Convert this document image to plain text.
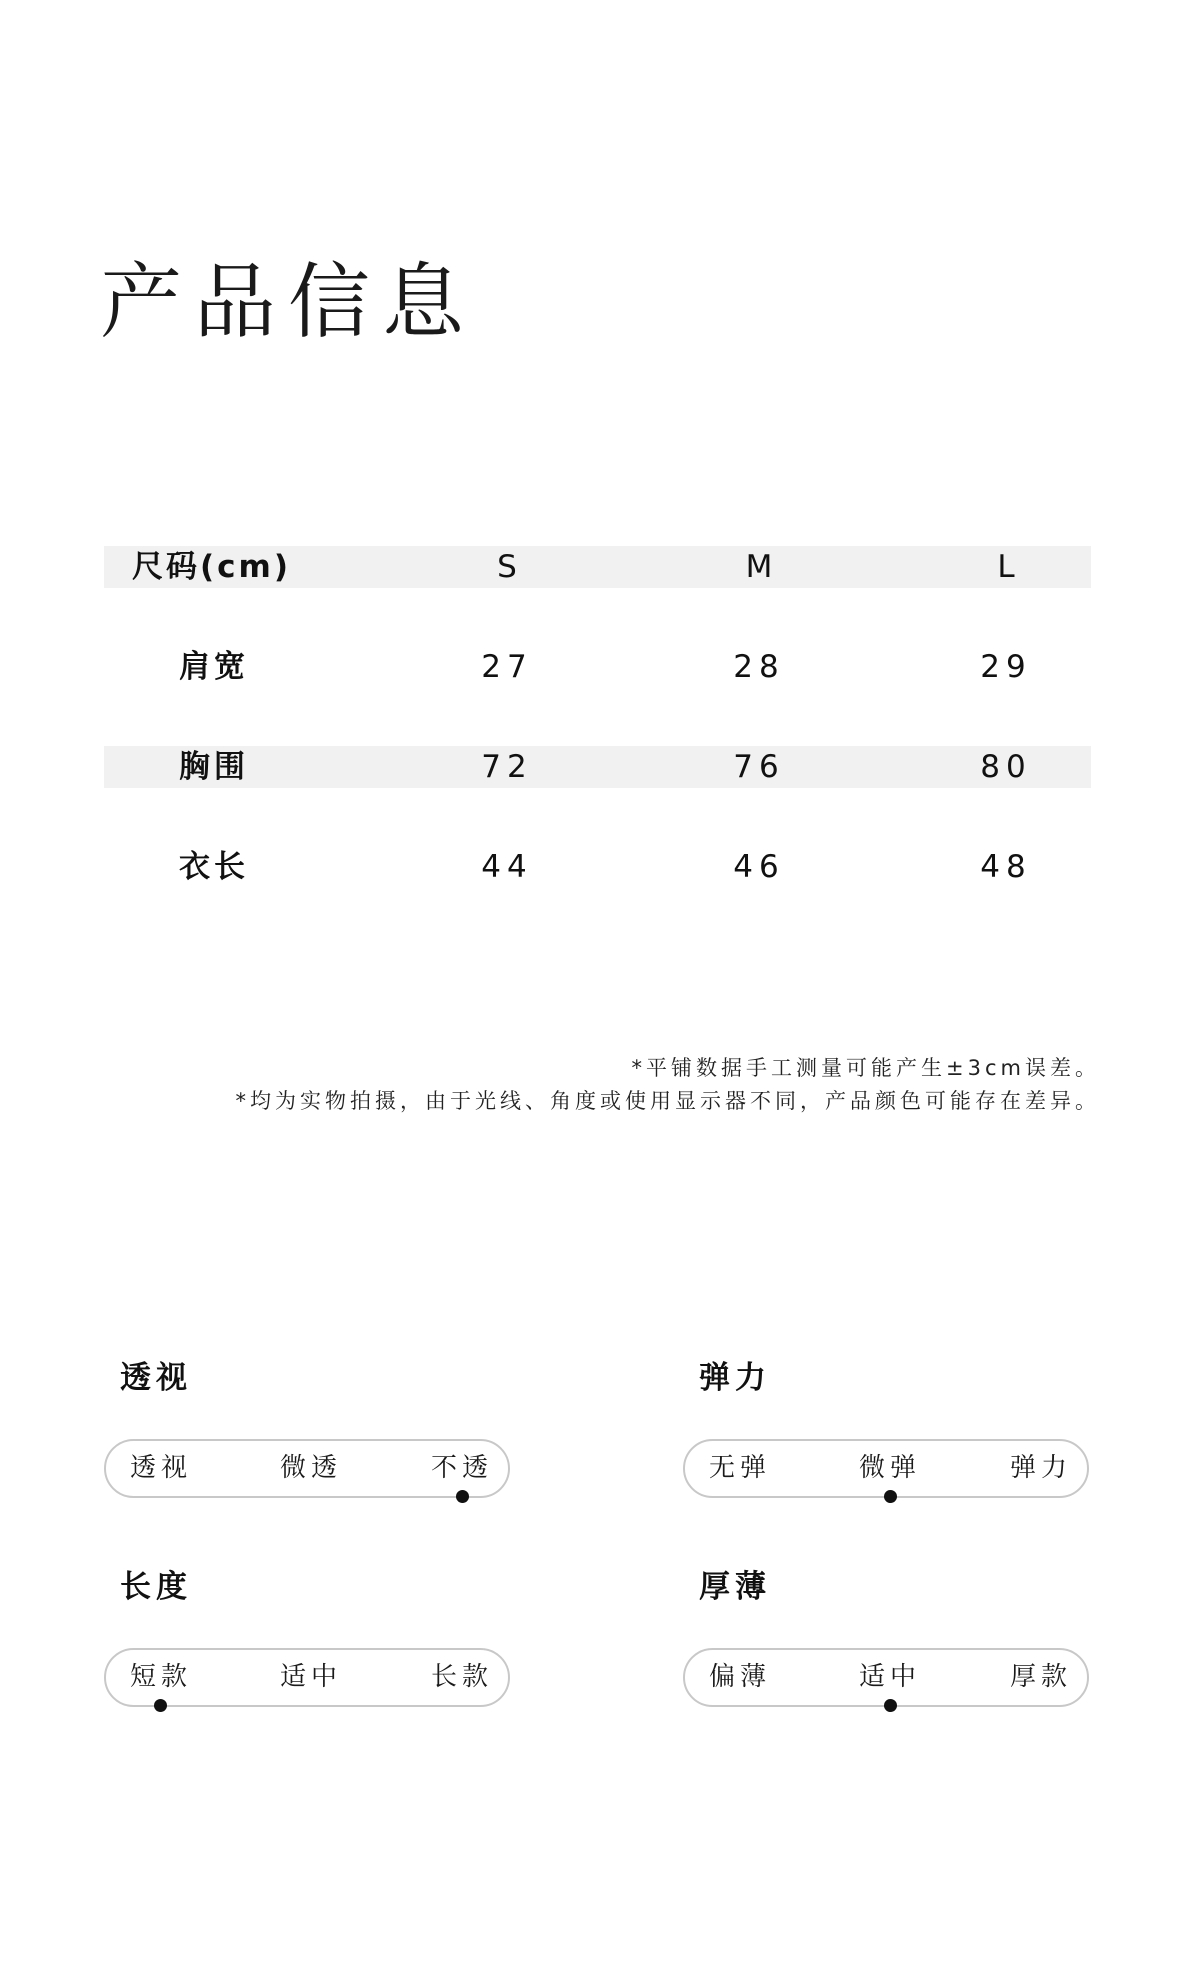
产品信息
尺码(cm)	S	M	L
肩宽	27	28	29
胸围	72	76	80
衣长	44	46	48
*平铺数据手工测量可能产生±3cm误差。
*均为实物拍摄，由于光线、角度或使用显示器不同，产品颜色可能存在差异。
透视
透视	微透	不透
弹力
无弹	微弹	弹力
长度
短款	适中	长款
厚薄
偏薄	适中	厚款
